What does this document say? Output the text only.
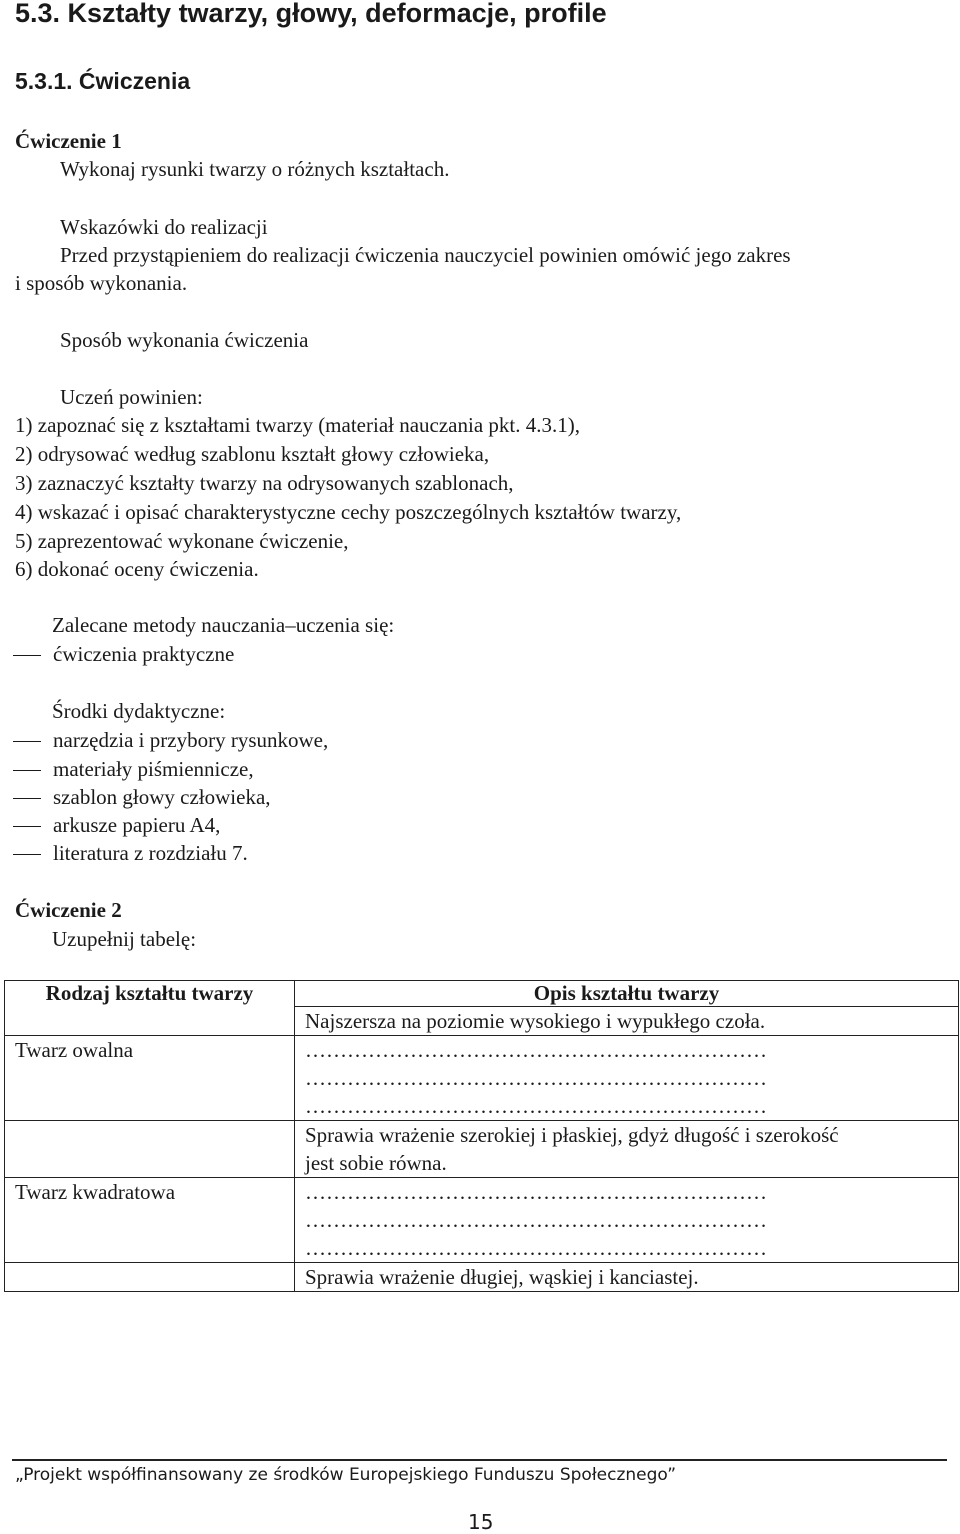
5.3. Kształty twarzy, głowy, deformacje, profile
5.3.1. Ćwiczenia
Ćwiczenie 1
Wykonaj rysunki twarzy o różnych kształtach.
Wskazówki do realizacji
Przed przystąpieniem do realizacji ćwiczenia nauczyciel powinien omówić jego zakres
i sposób wykonania.
Sposób wykonania ćwiczenia
Uczeń powinien:
1) zapoznać się z kształtami twarzy (materiał nauczania pkt. 4.3.1),
2) odrysować według szablonu kształt głowy człowieka,
3) zaznaczyć kształty twarzy na odrysowanych szablonach,
4) wskazać i opisać charakterystyczne cechy poszczególnych kształtów twarzy,
5) zaprezentować wykonane ćwiczenie,
6) dokonać oceny ćwiczenia.
Zalecane metody nauczania–uczenia się:
ćwiczenia praktyczne
Środki dydaktyczne:
narzędzia i przybory rysunkowe,
materiały piśmiennicze,
szablon głowy człowieka,
arkusze papieru A4,
literatura z rozdziału 7.
Ćwiczenie 2
Uzupełnij tabelę:
Rodzaj kształtu twarzy	Opis kształtu twarzy

	Najszersza na poziomie wysokiego i wypukłego czoła.

Twarz owalna	…………………………………………………………
…………………………………………………………
…………………………………………………………

	Sprawia wrażenie szerokiej i płaskiej, gdyż długość i szerokość
jest sobie równa.

Twarz kwadratowa	…………………………………………………………
…………………………………………………………
…………………………………………………………

	Sprawia wrażenie długiej, wąskiej i kanciastej.
„Projekt współfinansowany ze środków Europejskiego Funduszu Społecznego”
15
